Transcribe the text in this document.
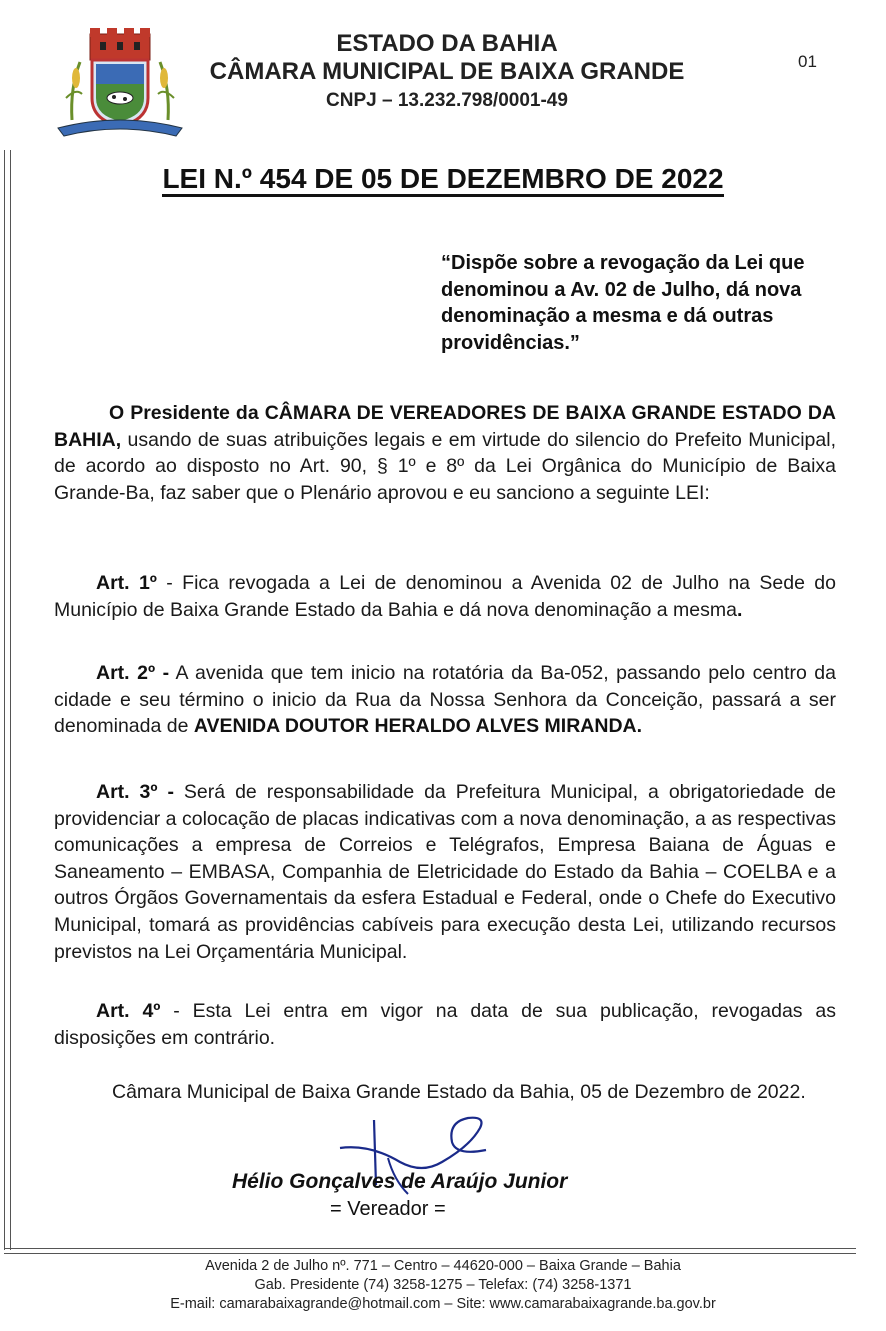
ESTADO DA BAHIA
CÂMARA MUNICIPAL DE BAIXA GRANDE
CNPJ – 13.232.798/0001-49
01
LEI N.º 454 DE 05 DE DEZEMBRO DE 2022
“Dispõe sobre a revogação da Lei que denominou a Av. 02 de Julho, dá nova denominação a mesma e dá outras providências.”
O Presidente da CÂMARA DE VEREADORES DE BAIXA GRANDE ESTADO DA BAHIA, usando de suas atribuições legais e em virtude do silencio do Prefeito Municipal, de acordo ao disposto no Art. 90, § 1º e 8º da Lei Orgânica do Município de Baixa Grande-Ba, faz saber que o Plenário aprovou e eu sanciono a seguinte LEI:
Art. 1º - Fica revogada a Lei de denominou a Avenida 02 de Julho na Sede do Município de Baixa Grande Estado da Bahia e dá nova denominação a mesma.
Art. 2º - A avenida que tem inicio na rotatória da Ba-052, passando pelo centro da cidade e seu término o inicio da Rua da Nossa Senhora da Conceição, passará a ser denominada de AVENIDA DOUTOR HERALDO ALVES MIRANDA.
Art. 3º - Será de responsabilidade da Prefeitura Municipal, a obrigatoriedade de providenciar a colocação de placas indicativas com a nova denominação, a as respectivas comunicações a empresa de Correios e Telégrafos, Empresa Baiana de Águas e Saneamento – EMBASA, Companhia de Eletricidade do Estado da Bahia – COELBA e a outros Órgãos Governamentais da esfera Estadual e Federal, onde o Chefe do Executivo Municipal, tomará as providências cabíveis para execução desta Lei, utilizando recursos previstos na Lei Orçamentária Municipal.
Art. 4º - Esta Lei entra em vigor na data de sua publicação, revogadas as disposições em contrário.
Câmara Municipal de Baixa Grande Estado da Bahia, 05 de Dezembro de 2022.
Hélio Gonçalves de Araújo Junior
= Vereador =
Avenida 2 de Julho nº. 771 – Centro – 44620-000 – Baixa Grande – Bahia
Gab. Presidente (74) 3258-1275 – Telefax: (74) 3258-1371
E-mail: camarabaixagrande@hotmail.com – Site: www.camarabaixagrande.ba.gov.br
